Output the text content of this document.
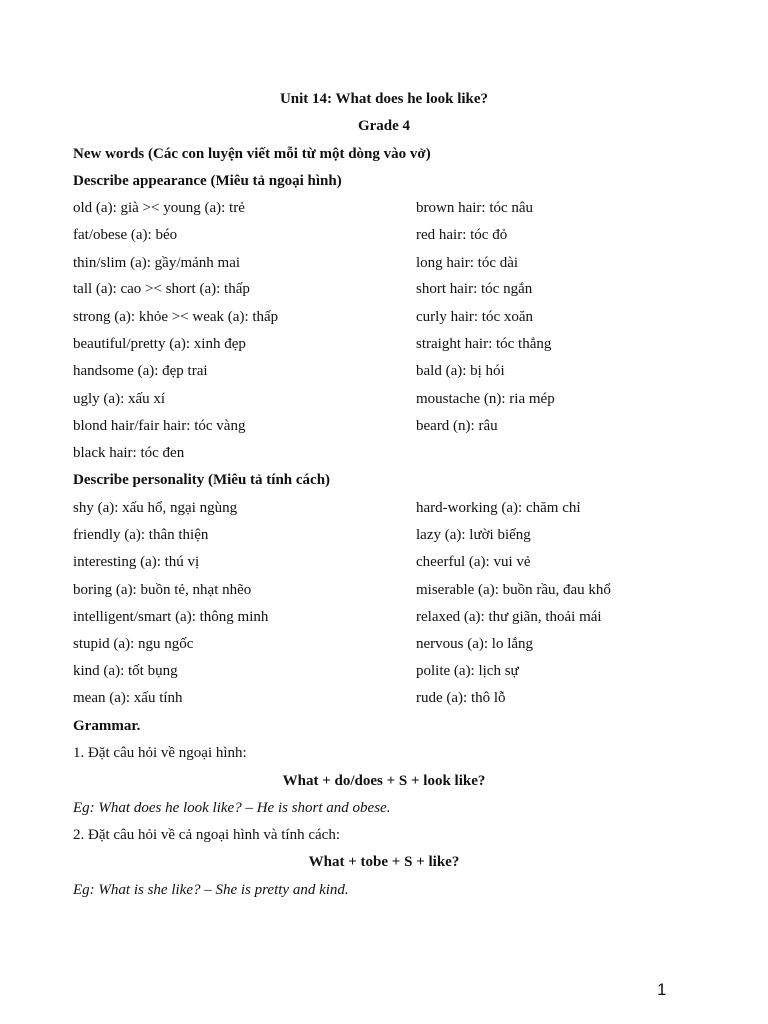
Unit 14: What does he look like?
Grade 4
New words (Các con luyện viết mỗi từ một dòng vào vở)
Describe appearance (Miêu tả ngoại hình)
old (a): già >< young (a): trẻ	brown hair: tóc nâu
fat/obese (a): béo	red hair: tóc đỏ
thin/slim (a): gầy/mảnh mai	long hair: tóc dài
tall (a): cao >< short (a): thấp	short hair: tóc ngắn
strong (a): khỏe >< weak (a): thấp	curly hair: tóc xoăn
beautiful/pretty (a): xinh đẹp	straight hair: tóc thẳng
handsome (a): đẹp trai	bald (a): bị hói
ugly (a): xấu xí	moustache (n): ria mép
blond hair/fair hair: tóc vàng	beard (n): râu
black hair: tóc đen
Describe personality (Miêu tả tính cách)
shy (a): xấu hổ, ngại ngùng	hard-working (a): chăm chỉ
friendly (a): thân thiện	lazy (a): lười biếng
interesting (a): thú vị	cheerful (a): vui vẻ
boring (a): buồn tẻ, nhạt nhẽo	miserable (a): buồn rầu, đau khổ
intelligent/smart (a): thông minh	relaxed (a): thư giãn, thoải mái
stupid (a): ngu ngốc	nervous (a): lo lắng
kind (a): tốt bụng	polite (a): lịch sự
mean (a): xấu tính	rude (a): thô lỗ
Grammar.
1. Đặt câu hỏi về ngoại hình:
What + do/does + S + look like?
Eg: What does he look like? – He is short and obese.
2. Đặt câu hỏi về cả ngoại hình và tính cách:
What + tobe + S + like?
Eg: What is she like? – She is pretty and kind.
1
